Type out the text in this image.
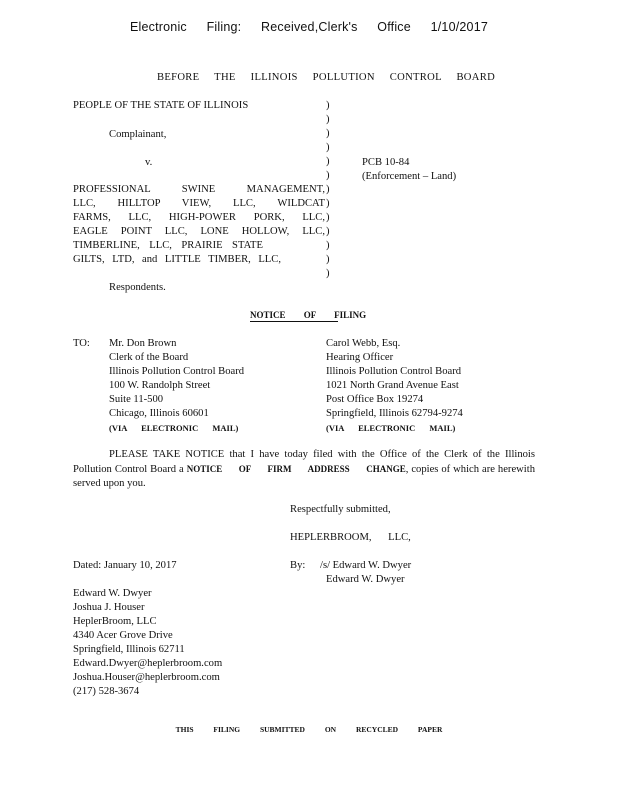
Electronic Filing: Received,Clerk's Office 1/10/2017
BEFORE THE ILLINOIS POLLUTION CONTROL BOARD
PEOPLE OF THE STATE OF ILLINOIS
Complainant,
v.
PROFESSIONAL SWINE MANAGEMENT,
LLC, HILLTOP VIEW, LLC, WILDCAT
FARMS, LLC, HIGH-POWER PORK, LLC,
EAGLE POINT LLC, LONE HOLLOW, LLC,
TIMBERLINE, LLC, PRAIRIE STATE
GILTS, LTD, and LITTLE TIMBER, LLC,
Respondents.
)
)
)
)
)
)
)
)
)
)
)
)
)
PCB 10-84
(Enforcement – Land)
NOTICE OF FILING
TO: Mr. Don Brown
Clerk of the Board
Illinois Pollution Control Board
100 W. Randolph Street
Suite 11-500
Chicago, Illinois 60601
(VIA ELECTRONIC MAIL)
Carol Webb, Esq.
Hearing Officer
Illinois Pollution Control Board
1021 North Grand Avenue East
Post Office Box 19274
Springfield, Illinois 62794-9274
(VIA ELECTRONIC MAIL)
PLEASE TAKE NOTICE that I have today filed with the Office of the Clerk of the Illinois Pollution Control Board a NOTICE OF FIRM ADDRESS CHANGE, copies of which are herewith served upon you.
Respectfully submitted,
HEPLERBROOM, LLC,
Dated: January 10, 2017	By: /s/ Edward W. Dwyer
Edward W. Dwyer
Edward W. Dwyer
Joshua J. Houser
HeplerBroom, LLC
4340 Acer Grove Drive
Springfield, Illinois 62711
Edward.Dwyer@heplerbroom.com
Joshua.Houser@heplerbroom.com
(217) 528-3674
THIS FILING SUBMITTED ON RECYCLED PAPER
